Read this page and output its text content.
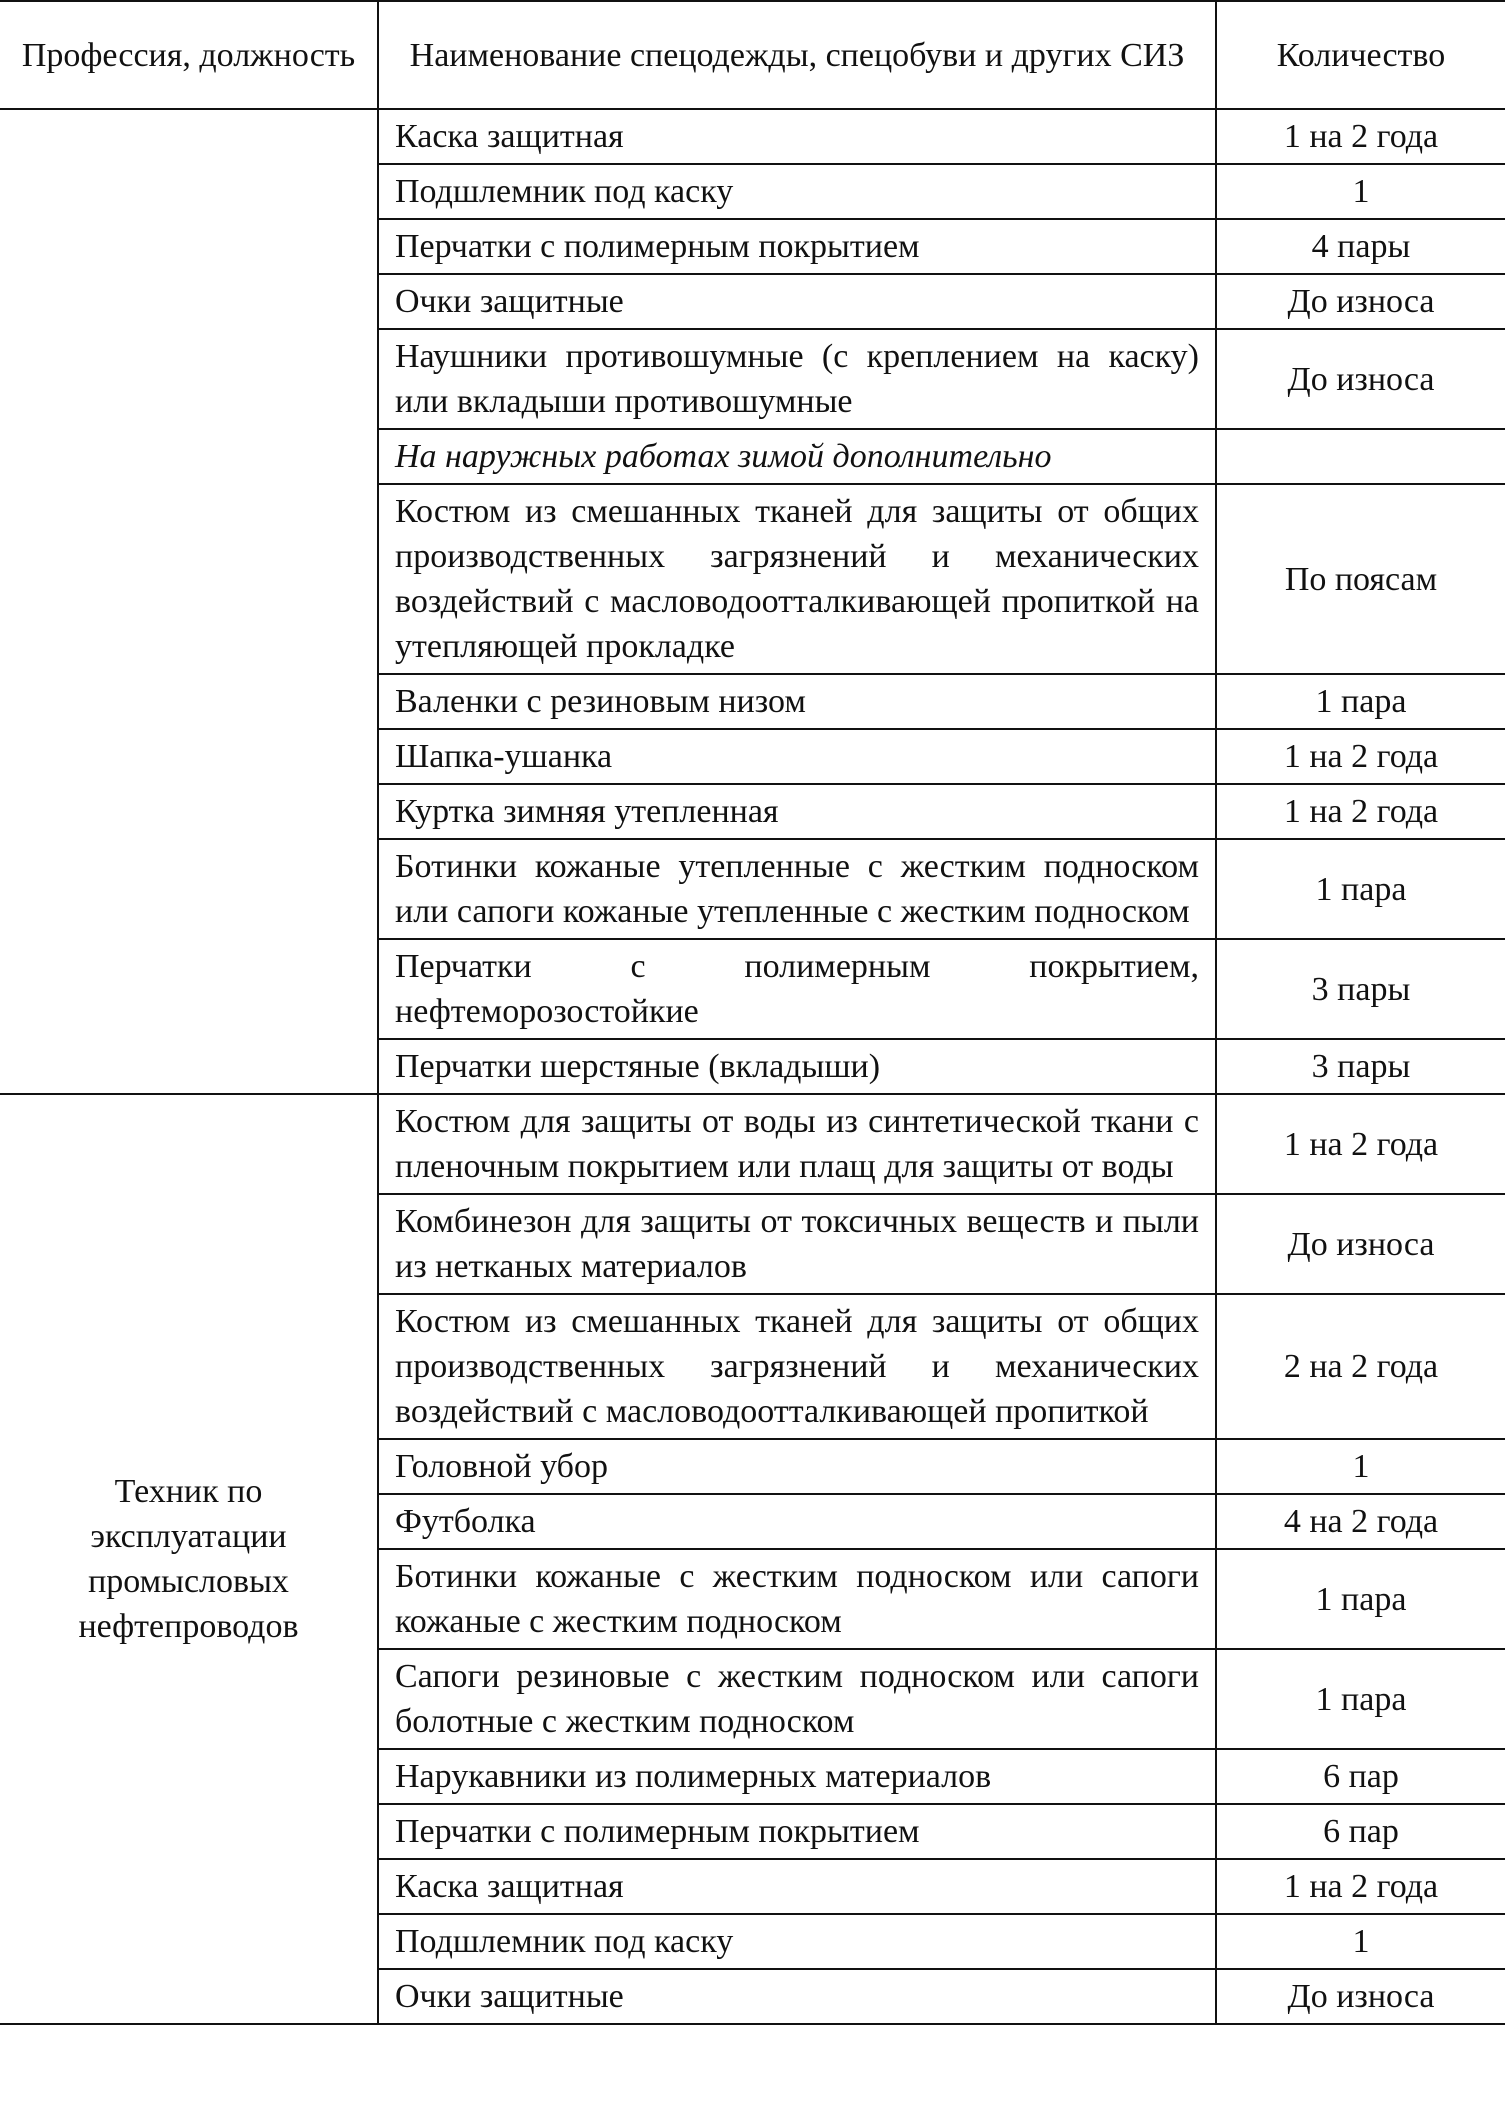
Профессия, должность	Наименование спецодежды, спецобуви и других СИЗ	Количество
	Каска защитная	1 на 2 года
	Подшлемник под каску	1
	Перчатки с полимерным покрытием	4 пары
	Очки защитные	До износа
	Наушники противошумные (с креплением на каску) или вкладыши противошумные	До износа
	На наружных работах зимой дополнительно	
	Костюм из смешанных тканей для защиты от общих производственных загрязнений и механических воздействий с масловодоотталкивающей пропиткой на утепляющей прокладке	По поясам
	Валенки с резиновым низом	1 пара
	Шапка-ушанка	1 на 2 года
	Куртка зимняя утепленная	1 на 2 года
	Ботинки кожаные утепленные с жестким подноском или сапоги кожаные утепленные с жестким подноском	1 пара
	Перчатки с полимерным покрытием, нефтеморозостойкие	3 пары
	Перчатки шерстяные (вкладыши)	3 пары
Техник по эксплуатации промысловых нефтепроводов	Костюм для защиты от воды из синтетической ткани с пленочным покрытием или плащ для защиты от воды	1 на 2 года
	Комбинезон для защиты от токсичных веществ и пыли из нетканых материалов	До износа
	Костюм из смешанных тканей для защиты от общих производственных загрязнений и механических воздействий с масловодоотталкивающей пропиткой	2 на 2 года
	Головной убор	1
	Футболка	4 на 2 года
	Ботинки кожаные с жестким подноском или сапоги кожаные с жестким подноском	1 пара
	Сапоги резиновые с жестким подноском или сапоги болотные с жестким подноском	1 пара
	Нарукавники из полимерных материалов	6 пар
	Перчатки с полимерным покрытием	6 пар
	Каска защитная	1 на 2 года
	Подшлемник под каску	1
	Очки защитные	До износа
